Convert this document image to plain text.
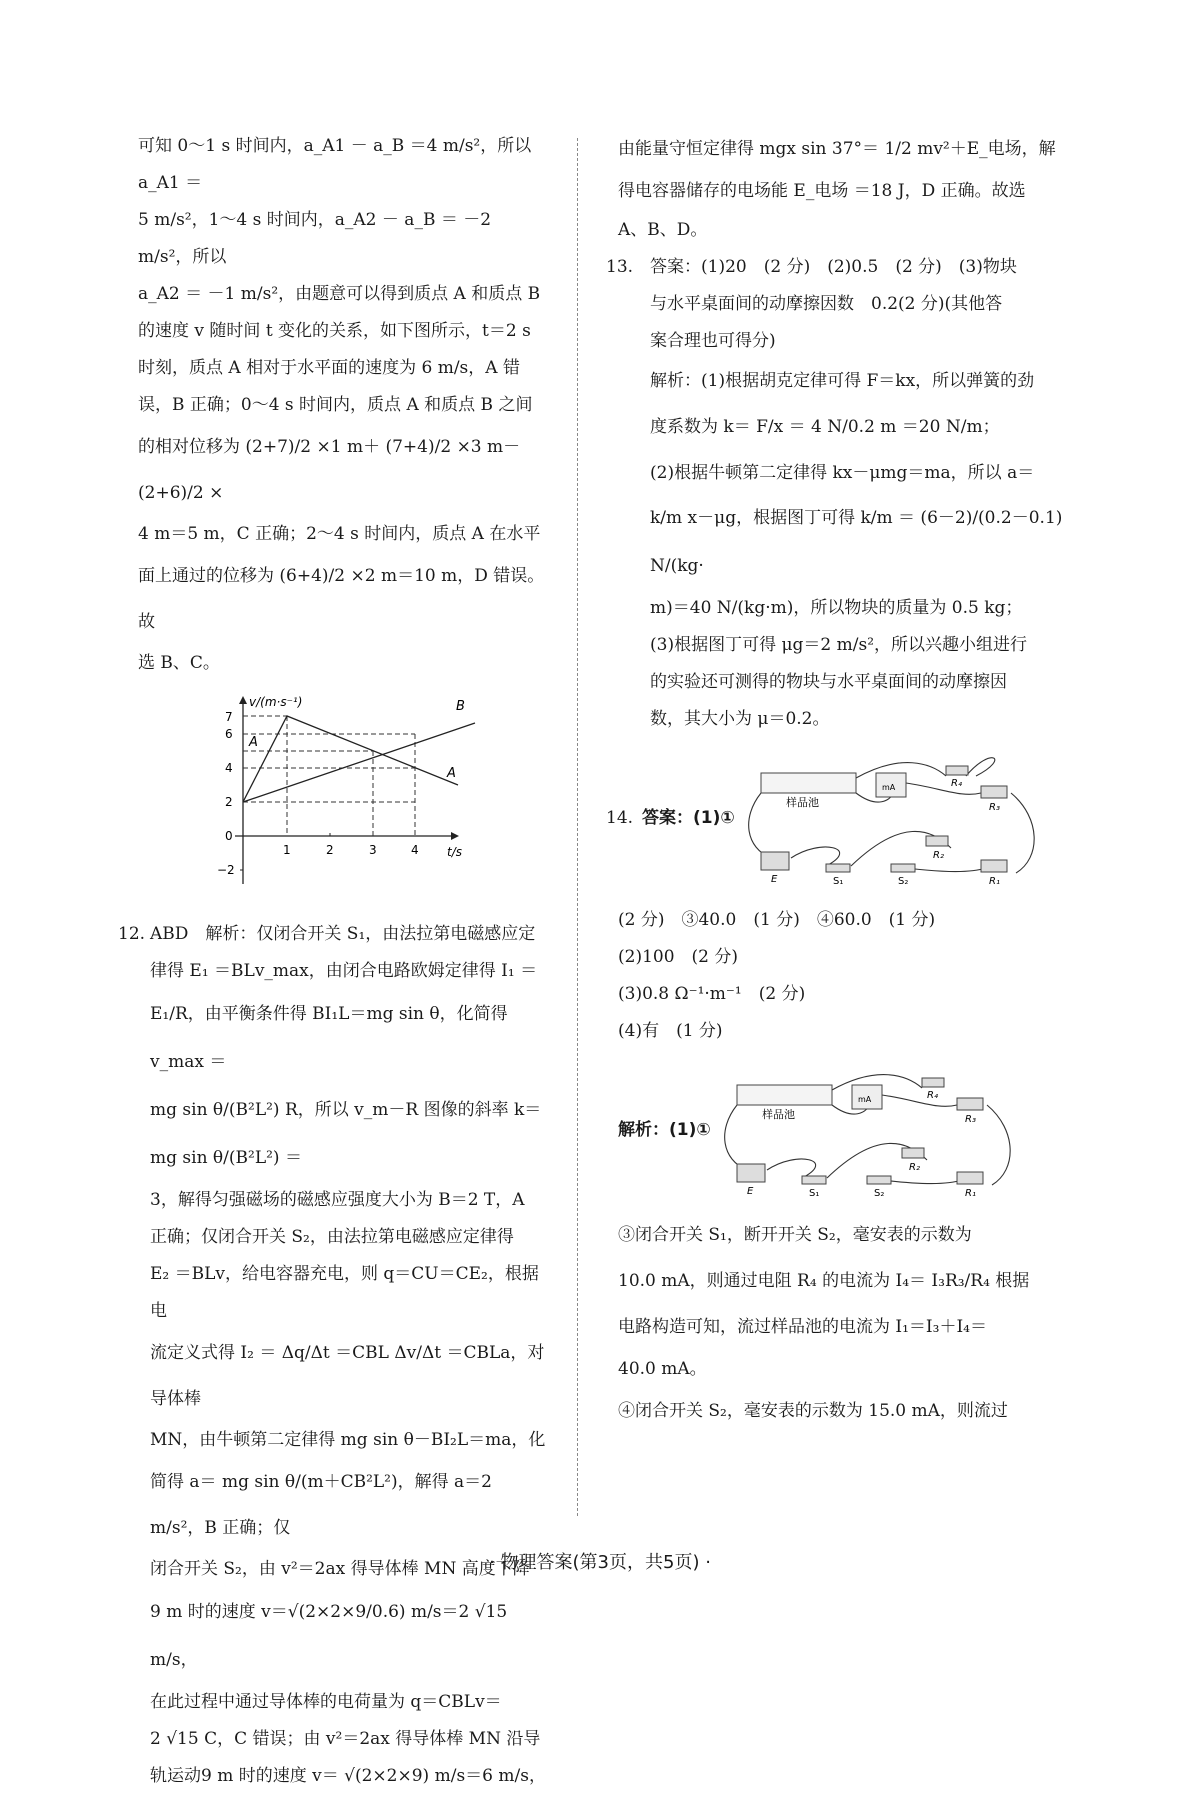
可知 0～1 s 时间内，a_A1 － a_B ＝4 m/s²，所以 a_A1 ＝

5 m/s²，1～4 s 时间内，a_A2 － a_B ＝ －2 m/s²，所以

a_A2 ＝ －1 m/s²，由题意可以得到质点 A 和质点 B

的速度 v 随时间 t 变化的关系，如下图所示，t＝2 s

时刻，质点 A 相对于水平面的速度为 6 m/s，A 错

误，B 正确；0～4 s 时间内，质点 A 和质点 B 之间

的相对位移为 (2+7)/2 ×1 m＋ (7+4)/2 ×3 m－ (2+6)/2 ×

4 m＝5 m，C 正确；2～4 s 时间内，质点 A 在水平

面上通过的位移为 (6+4)/2 ×2 m＝10 m，D 错误。故

选 B、C。

v/(m·s⁻¹)
t/s
A
B
A
7
6
4
2
0
−2
1	2	3	4

12. ABD　解析：仅闭合开关 S₁，由法拉第电磁感应定

律得 E₁ ＝BLv_max，由闭合电路欧姆定律得 I₁ ＝

E₁/R，由平衡条件得 BI₁L＝mg sin θ，化简得 v_max ＝

mg sin θ/(B²L²) R，所以 v_m－R 图像的斜率 k＝ mg sin θ/(B²L²) ＝

3，解得匀强磁场的磁感应强度大小为 B＝2 T，A

正确；仅闭合开关 S₂，由法拉第电磁感应定律得

E₂ ＝BLv，给电容器充电，则 q＝CU＝CE₂，根据电

流定义式得 I₂ ＝ Δq/Δt ＝CBL Δv/Δt ＝CBLa，对导体棒

MN，由牛顿第二定律得 mg sin θ－BI₂L＝ma，化

简得 a＝ mg sin θ/(m＋CB²L²)，解得 a＝2 m/s²，B 正确；仅

闭合开关 S₂，由 v²＝2ax 得导体棒 MN 高度下降

9 m 时的速度 v＝√(2×2×9/0.6) m/s＝2 √15 m/s，

在此过程中通过导体棒的电荷量为 q＝CBLv＝

2 √15 C，C 错误；由 v²＝2ax 得导体棒 MN 沿导

轨运动9 m 时的速度 v＝ √(2×2×9) m/s＝6 m/s，

由能量守恒定律得 mgx sin 37°＝ 1/2 mv²＋E_电场，解

得电容器储存的电场能 E_电场 ＝18 J，D 正确。故选

A、B、D。

13. 答案：(1)20　(2 分)　(2)0.5　(2 分)　(3)物块

与水平桌面间的动摩擦因数　0.2(2 分)(其他答

案合理也可得分)

解析：(1)根据胡克定律可得 F＝kx，所以弹簧的劲

度系数为 k＝ F/x ＝ 4 N/0.2 m ＝20 N/m；

(2)根据牛顿第二定律得 kx－μmg＝ma，所以 a＝

k/m x－μg，根据图丁可得 k/m ＝ (6－2)/(0.2－0.1) N/(kg·

m)＝40 N/(kg·m)，所以物块的质量为 0.5 kg；

(3)根据图丁可得 μg＝2 m/s²，所以兴趣小组进行

的实验还可测得的物块与水平桌面间的动摩擦因

数，其大小为 μ＝0.2。

14. 答案：(1)①
样品池
R₄
R₃
R₂
R₁
E	S₁	S₂
mA

(2 分)　③40.0　(1 分)　④60.0　(1 分)

(2)100　(2 分)

(3)0.8 Ω⁻¹·m⁻¹　(2 分)

(4)有　(1 分)

解析：(1)①
样品池
R₄
R₃
R₂
R₁
E	S₁	S₂
mA

③闭合开关 S₁，断开开关 S₂，毫安表的示数为

10.0 mA，则通过电阻 R₄ 的电流为 I₄＝ I₃R₃/R₄ 根据

电路构造可知，流过样品池的电流为 I₁＝I₃＋I₄＝

40.0 mA。

④闭合开关 S₂，毫安表的示数为 15.0 mA，则流过

· 物理答案(第3页，共5页) ·
